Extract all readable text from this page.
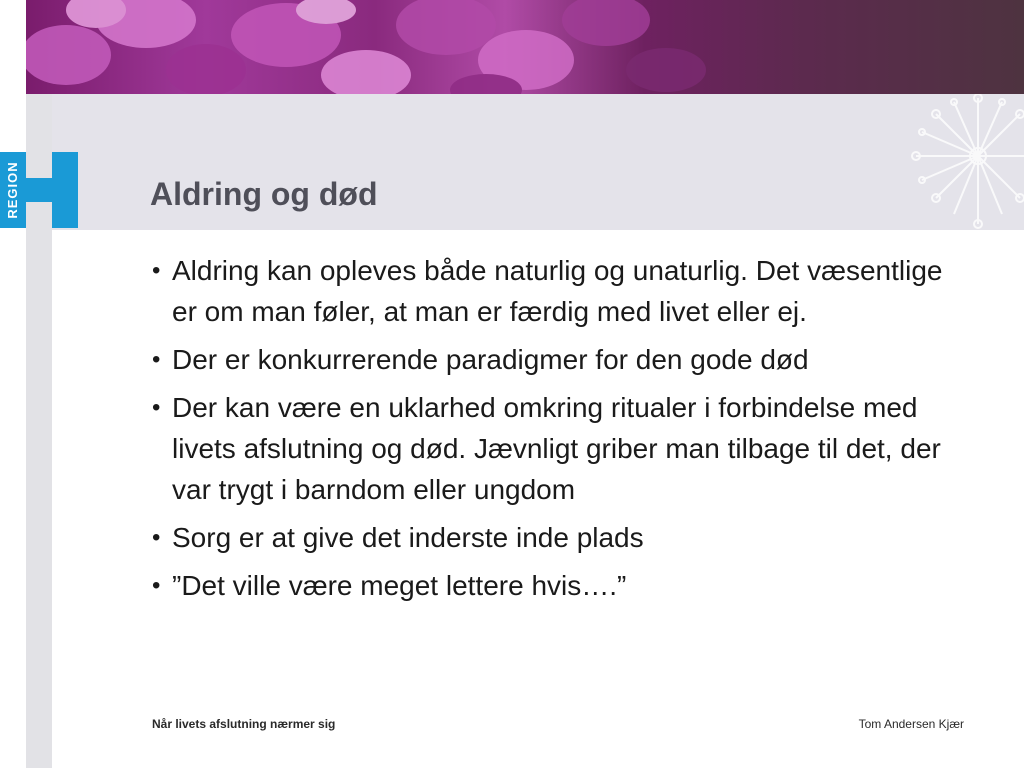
REGION	Aldring og død
• Aldring kan opleves både naturlig og unaturlig. Det væsentlige er om man føler, at man er færdig med livet eller ej.
• Der er konkurrerende paradigmer for den gode død
• Der kan være en uklarhed omkring ritualer i forbindelse med livets afslutning og død. Jævnligt griber man tilbage til det, der var trygt i barndom eller ungdom
• Sorg er at give det inderste inde plads
• ”Det ville være meget lettere hvis….”
Når livets afslutning nærmer sig	Tom Andersen Kjær
